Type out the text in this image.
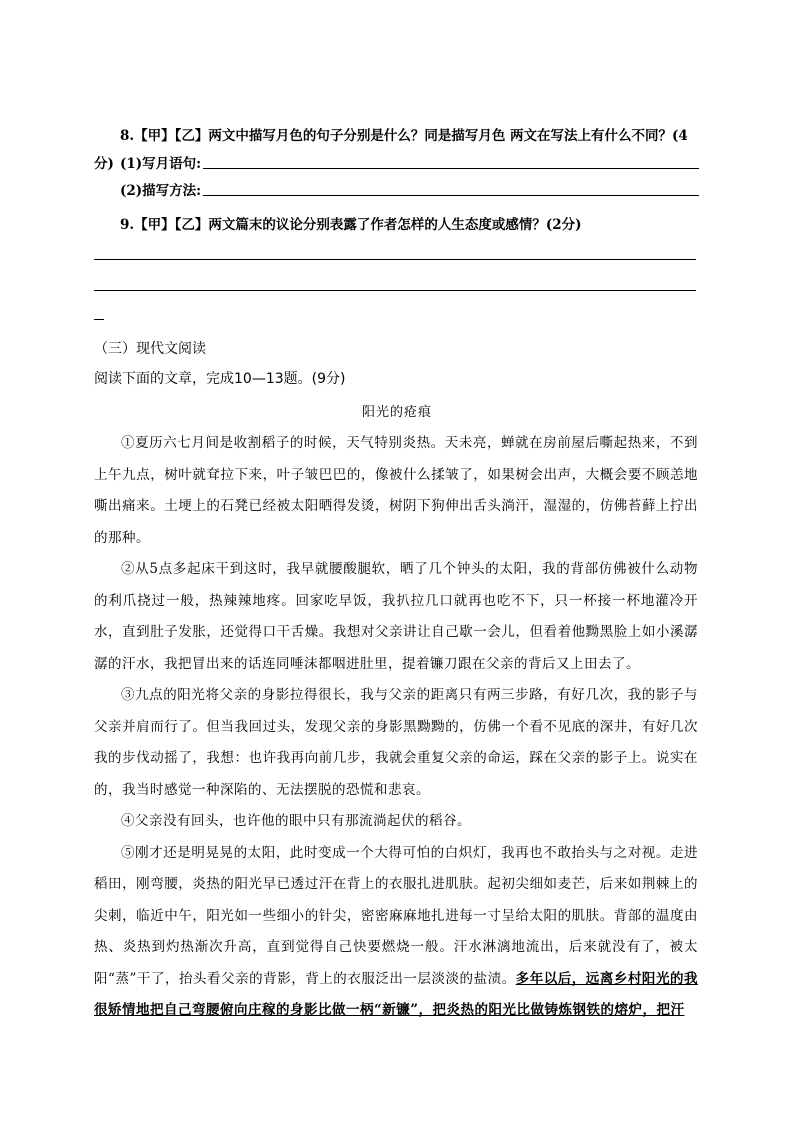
8.【甲】【乙】两文中描写月色的句子分别是什么？同是描写月色 两文在写法上有什么不同？(4
分) (1)写月语句:
(2)描写方法:
9.【甲】【乙】两文篇末的议论分别表露了作者怎样的人生态度或感情？(2分)
（三）现代文阅读
阅读下面的文章，完成10—13题。(9分)
阳光的疮痕

①夏历六七月间是收割稻子的时候，天气特别炎热。天未亮，蝉就在房前屋后嘶起热来，不到上午九点，树叶就耷拉下来，叶子皱巴巴的，像被什么揉皱了，如果树会出声，大概会要不顾恙地嘶出痛来。土埂上的石凳已经被太阳晒得发烫，树阴下狗伸出舌头淌汗，湿湿的，仿佛苔藓上拧出的那种。

②从5点多起床干到这时，我早就腰酸腿软，晒了几个钟头的太阳，我的背部仿佛被什么动物的利爪挠过一般，热辣辣地疼。回家吃早饭，我扒拉几口就再也吃不下，只一杯接一杯地灌冷开水，直到肚子发胀，还觉得口干舌燥。我想对父亲讲让自己歇一会儿，但看着他黝黑脸上如小溪潺潺的汗水，我把冒出来的话连同唾沫都咽进肚里，提着镰刀跟在父亲的背后又上田去了。

③九点的阳光将父亲的身影拉得很长，我与父亲的距离只有两三步路，有好几次，我的影子与父亲并肩而行了。但当我回过头，发现父亲的身影黑黝黝的，仿佛一个看不见底的深井，有好几次我的步伐动摇了，我想：也许我再向前几步，我就会重复父亲的命运，踩在父亲的影子上。说实在的，我当时感觉一种深陷的、无法摆脱的恐慌和悲哀。

④父亲没有回头，也许他的眼中只有那流淌起伏的稻谷。

⑤刚才还是明晃晃的太阳，此时变成一个大得可怕的白炽灯，我再也不敢抬头与之对视。走进稻田，刚弯腰，炎热的阳光早已透过汗在背上的衣服扎进肌肤。起初尖细如麦芒，后来如荆棘上的尖刺，临近中午，阳光如一些细小的针尖，密密麻麻地扎进每一寸呈给太阳的肌肤。背部的温度由热、炎热到灼热渐次升高，直到觉得自己快要燃烧一般。汗水淋漓地流出，后来就没有了，被太阳“蒸”干了，抬头看父亲的背影，背上的衣服泛出一层淡淡的盐渍。多年以后，远离乡村阳光的我很矫情地把自己弯腰俯向庄稼的身影比做一柄“新镰”，把炎热的阳光比做铸炼钢铁的熔炉，把汗
